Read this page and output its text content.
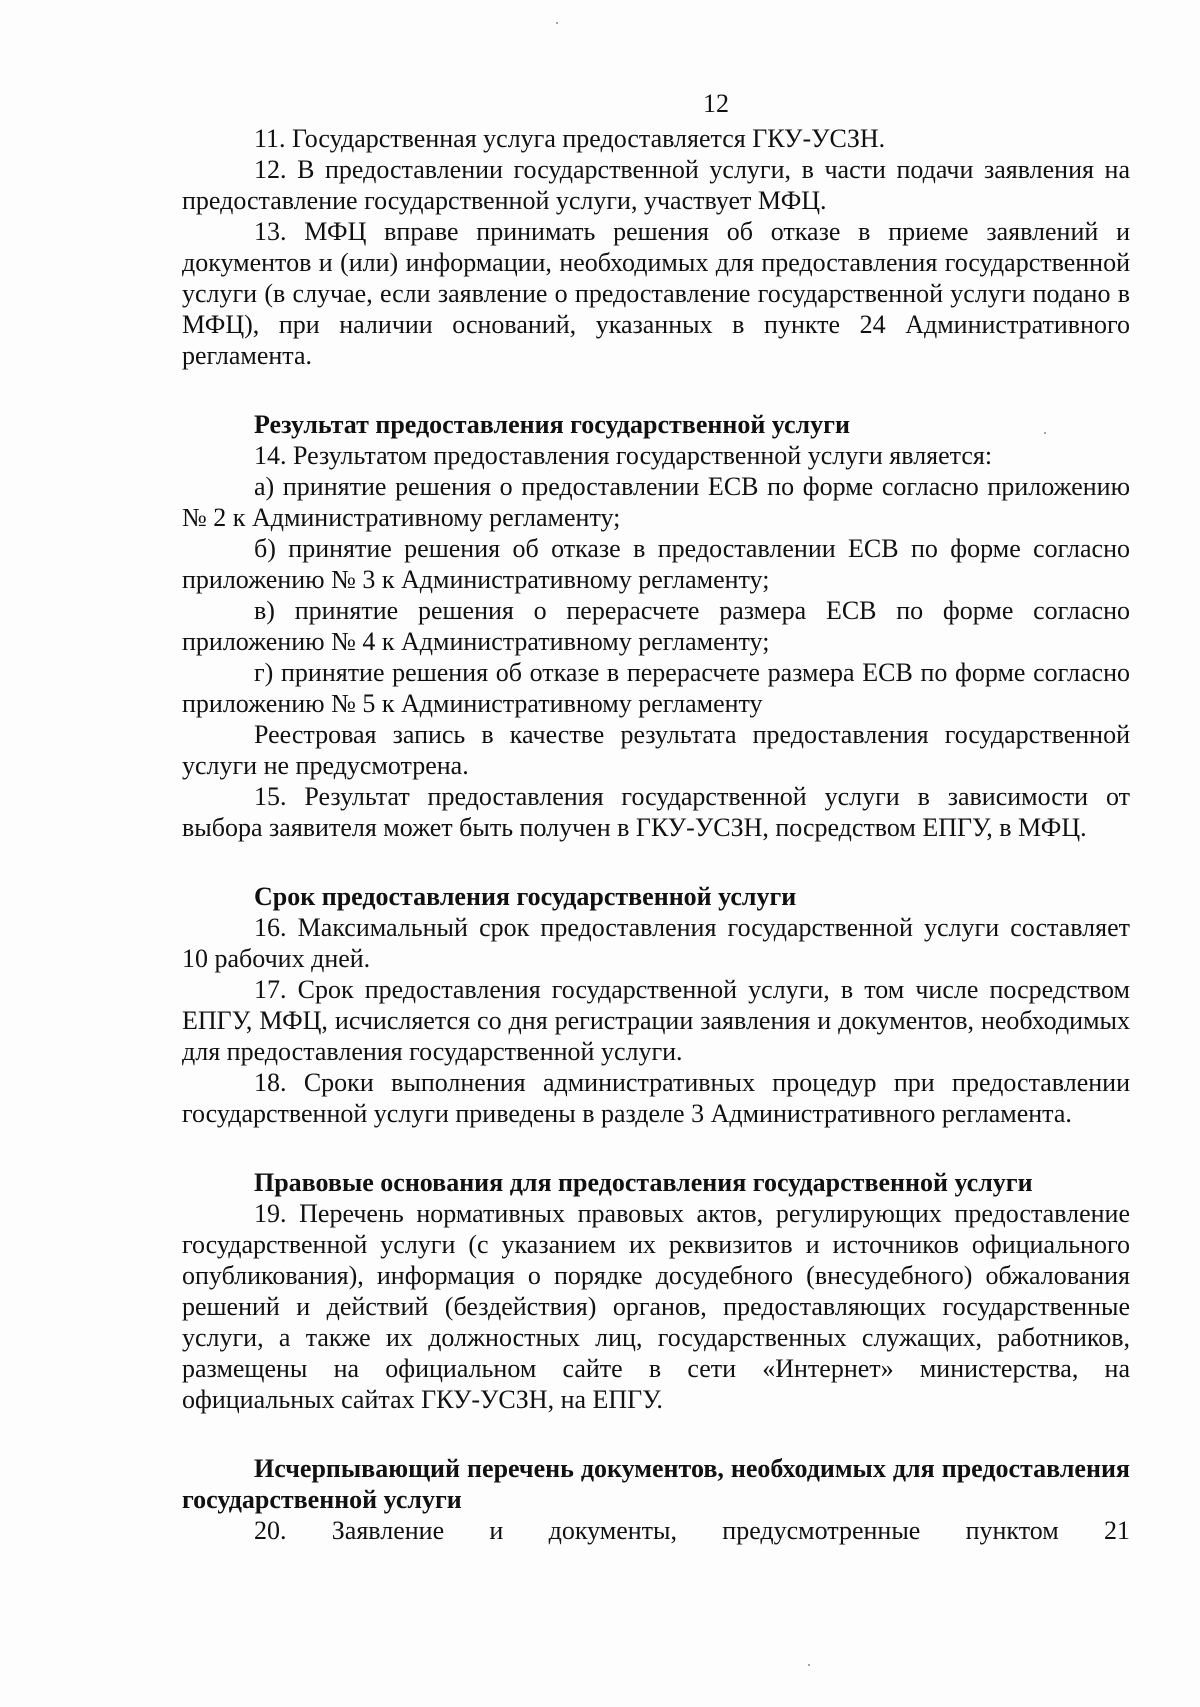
12

11. Государственная услуга предоставляется ГКУ-УСЗН.

12. В предоставлении государственной услуги, в части подачи заявления на предоставление государственной услуги, участвует МФЦ.

13. МФЦ вправе принимать решения об отказе в приеме заявлений и документов и (или) информации, необходимых для предоставления государственной услуги (в случае, если заявление о предоставление государственной услуги подано в МФЦ), при наличии оснований, указанных в пункте 24 Административного регламента.

Результат предоставления государственной услуги

14. Результатом предоставления государственной услуги является:

а) принятие решения о предоставлении ЕСВ по форме согласно приложению № 2 к Административному регламенту;

б) принятие решения об отказе в предоставлении ЕСВ по форме согласно приложению № 3 к Административному регламенту;

в) принятие решения о перерасчете размера ЕСВ по форме согласно приложению № 4 к Административному регламенту;

г) принятие решения об отказе в перерасчете размера ЕСВ по форме согласно приложению № 5 к Административному регламенту

Реестровая запись в качестве результата предоставления государственной услуги не предусмотрена.

15. Результат предоставления государственной услуги в зависимости от выбора заявителя может быть получен в ГКУ-УСЗН, посредством ЕПГУ, в МФЦ.

Срок предоставления государственной услуги

16. Максимальный срок предоставления государственной услуги составляет 10 рабочих дней.

17. Срок предоставления государственной услуги, в том числе посредством ЕПГУ, МФЦ, исчисляется со дня регистрации заявления и документов, необходимых для предоставления государственной услуги.

18. Сроки выполнения административных процедур при предоставлении государственной услуги приведены в разделе 3 Административного регламента.

Правовые основания для предоставления государственной услуги

19. Перечень нормативных правовых актов, регулирующих предоставление государственной услуги (с указанием их реквизитов и источников официального опубликования), информация о порядке досудебного (внесудебного) обжалования решений и действий (бездействия) органов, предоставляющих государственные услуги, а также их должностных лиц, государственных служащих, работников, размещены на официальном сайте в сети «Интернет» министерства, на официальных сайтах ГКУ-УСЗН, на ЕПГУ.

Исчерпывающий перечень документов, необходимых для предоставления государственной услуги

20. Заявление и документы, предусмотренные пунктом 21
